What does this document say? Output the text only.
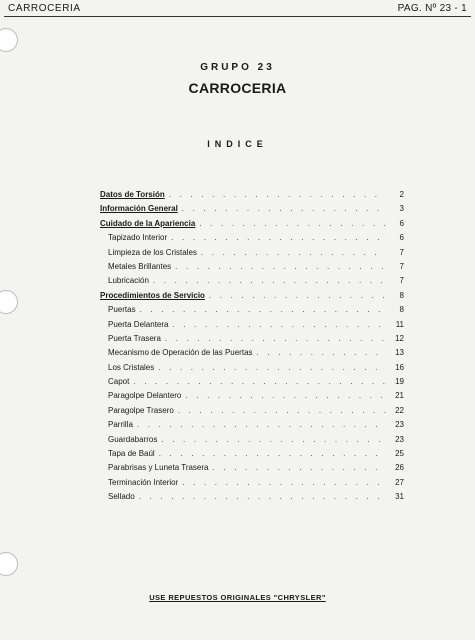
CARROCERIA	PAG. Nº 23 - 1
GRUPO 23
CARROCERIA
INDICE
Datos de Torsión . . .	2
Información General . . .	3
Cuidado de la Apariencia . . .	6
Tapizado Interior . . .	6
Limpieza de los Cristales . . .	7
Metales Brillantes . . .	7
Lubricación . . .	7
Procedimientos de Servicio . . .	8
Puertas . . .	8
Puerta Delantera . . .	11
Puerta Trasera . . .	12
Mecanismo de Operación de las Puertas . . .	13
Los Cristales . . .	16
Capot . . .	19
Paragolpe Delantero . . .	21
Paragolpe Trasero . . .	22
Parrilla . . .	23
Guardabarros . . .	23
Tapa de Baúl . . .	25
Parabrisas y Luneta Trasera . . .	26
Terminación Interior . . .	27
Sellado . . .	31
USE REPUESTOS ORIGINALES "CHRYSLER"
